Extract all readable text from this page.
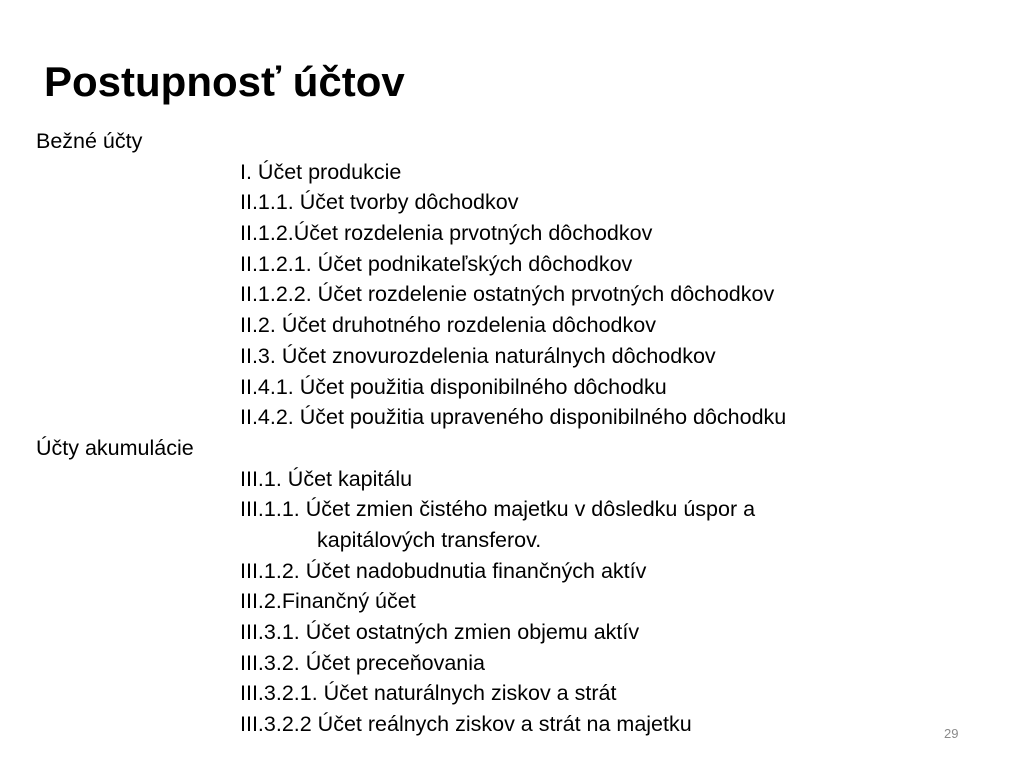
Postupnosť účtov
Bežné účty
I. Účet produkcie
II.1.1. Účet tvorby dôchodkov
II.1.2.Účet rozdelenia prvotných dôchodkov
II.1.2.1. Účet podnikateľských dôchodkov
II.1.2.2. Účet rozdelenie ostatných prvotných dôchodkov
II.2. Účet druhotného rozdelenia dôchodkov
II.3. Účet znovurozdelenia naturálnych dôchodkov
II.4.1. Účet použitia disponibilného dôchodku
II.4.2. Účet použitia upraveného disponibilného dôchodku
Účty akumulácie
III.1. Účet kapitálu
III.1.1. Účet zmien čistého majetku v dôsledku úspor a
kapitálových transferov.
III.1.2. Účet nadobudnutia finančných aktív
III.2.Finančný účet
III.3.1. Účet ostatných zmien objemu aktív
III.3.2. Účet preceňovania
III.3.2.1. Účet naturálnych ziskov a strát
III.3.2.2 Účet reálnych ziskov a strát na majetku	29
